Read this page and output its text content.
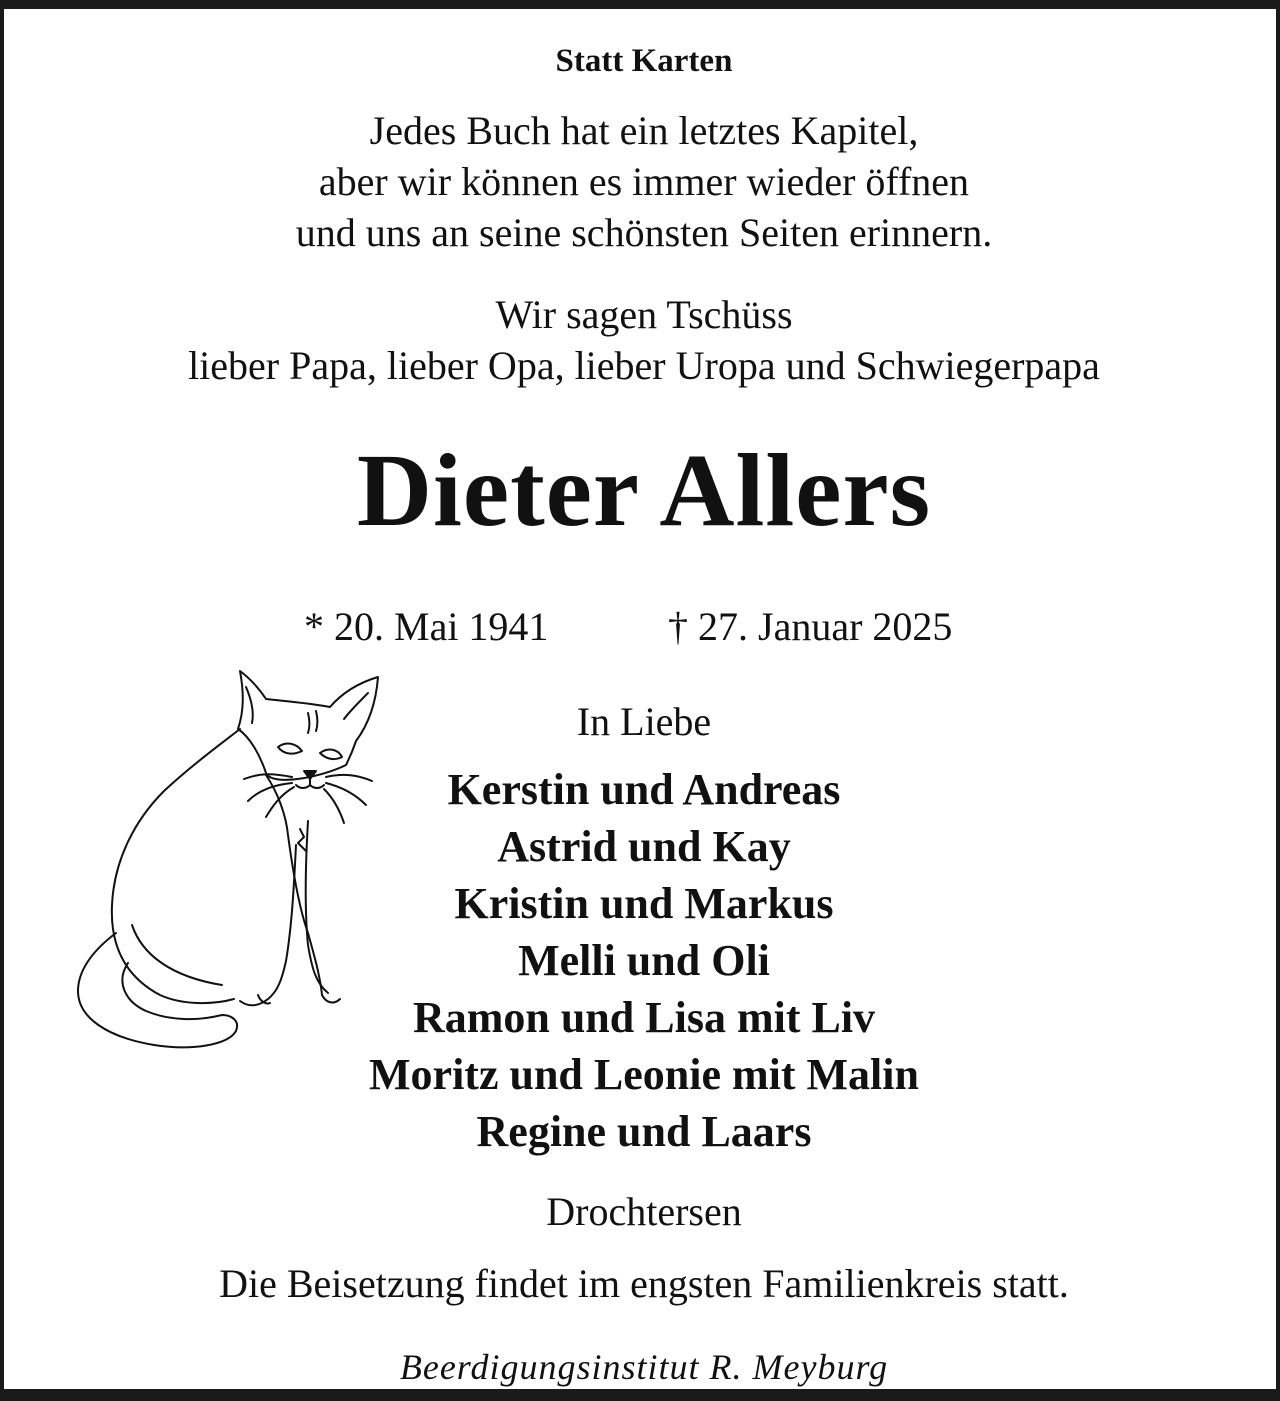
Statt Karten

Jedes Buch hat ein letztes Kapitel,
aber wir können es immer wieder öffnen
und uns an seine schönsten Seiten erinnern.
Wir sagen Tschüss
lieber Papa, lieber Opa, lieber Uropa und Schwiegerpapa
Dieter Allers
* 20. Mai 1941	† 27. Januar 2025

In Liebe

Kerstin und Andreas
Astrid und Kay
Kristin und Markus
Melli und Oli
Ramon und Lisa mit Liv
Moritz und Leonie mit Malin
Regine und Laars

Drochtersen

Die Beisetzung findet im engsten Familienkreis statt.

Beerdigungsinstitut R. Meyburg
